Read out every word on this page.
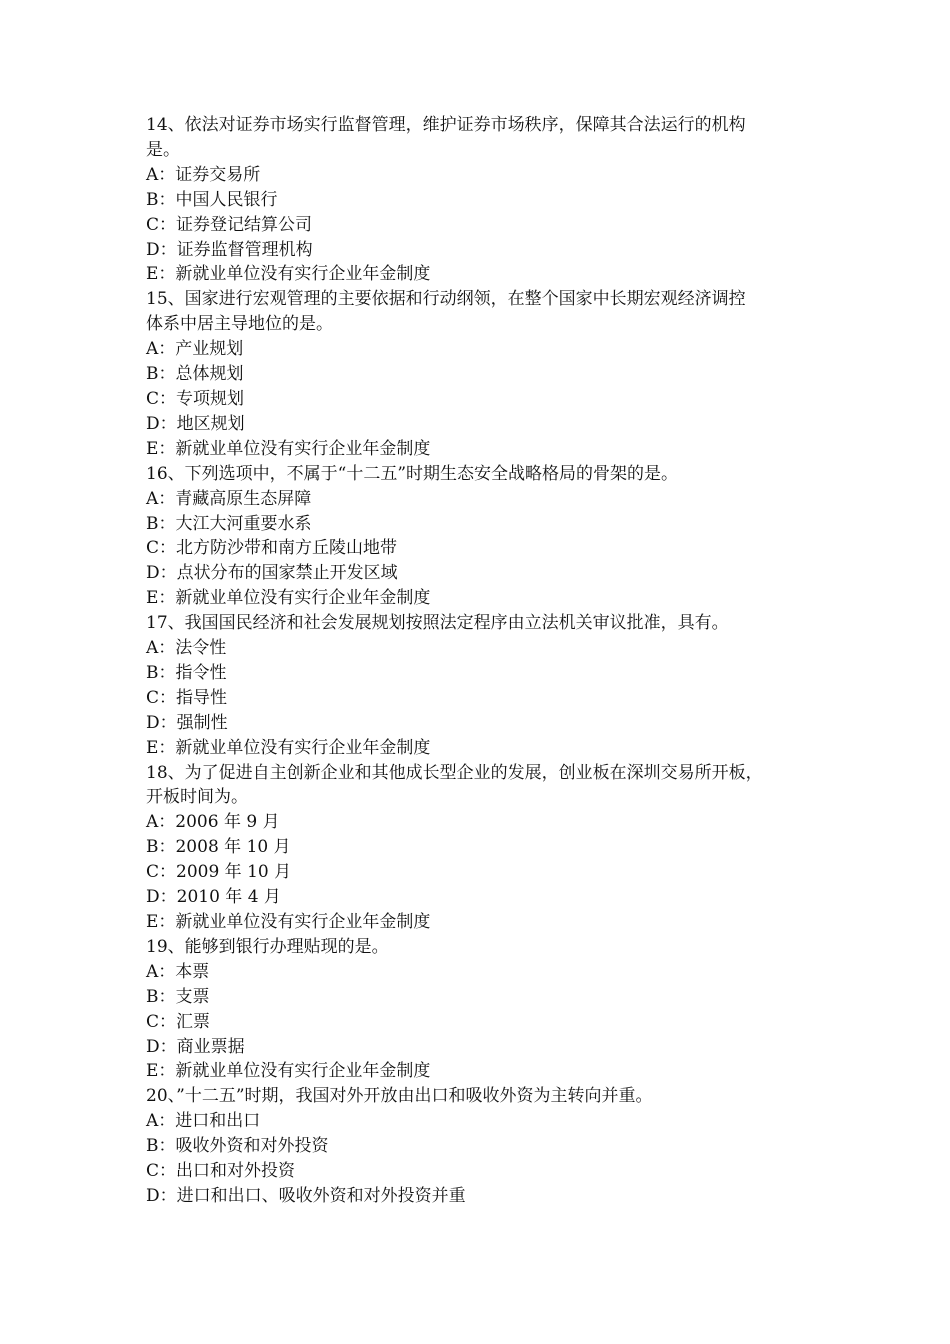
14、依法对证券市场实行监督管理，维护证券市场秩序，保障其合法运行的机构
是。
A：证券交易所
B：中国人民银行
C：证券登记结算公司
D：证券监督管理机构
E：新就业单位没有实行企业年金制度
15、国家进行宏观管理的主要依据和行动纲领，在整个国家中长期宏观经济调控
体系中居主导地位的是。
A：产业规划
B：总体规划
C：专项规划
D：地区规划
E：新就业单位没有实行企业年金制度
16、下列选项中，不属于“十二五”时期生态安全战略格局的骨架的是。
A：青藏高原生态屏障
B：大江大河重要水系
C：北方防沙带和南方丘陵山地带
D：点状分布的国家禁止开发区域
E：新就业单位没有实行企业年金制度
17、我国国民经济和社会发展规划按照法定程序由立法机关审议批准，具有。
A：法令性
B：指令性
C：指导性
D：强制性
E：新就业单位没有实行企业年金制度
18、为了促进自主创新企业和其他成长型企业的发展，创业板在深圳交易所开板，
开板时间为。
A：2006 年 9 月
B：2008 年 10 月
C：2009 年 10 月
D：2010 年 4 月
E：新就业单位没有实行企业年金制度
19、能够到银行办理贴现的是。
A：本票
B：支票
C：汇票
D：商业票据
E：新就业单位没有实行企业年金制度
20、”十二五”时期，我国对外开放由出口和吸收外资为主转向并重。
A：进口和出口
B：吸收外资和对外投资
C：出口和对外投资
D：进口和出口、吸收外资和对外投资并重
